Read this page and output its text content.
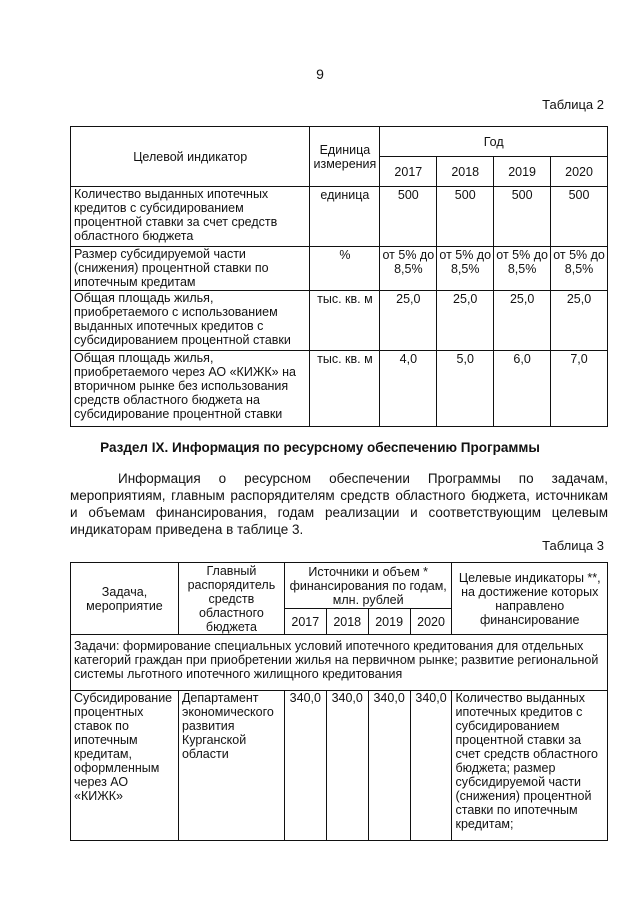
9
Таблица 2
Целевой индикатор	Единица измерения	Год			
		2017	2018	2019	2020
Количество выданных ипотечных кредитов с субсидированием процентной ставки за счет средств областного бюджета	единица	500	500	500	500
Размер субсидируемой части (снижения) процентной ставки по ипотечным кредитам	%	от 5% до 8,5%	от 5% до 8,5%	от 5% до 8,5%	от 5% до 8,5%
Общая площадь жилья, приобретаемого с использованием выданных ипотечных кредитов с субсидированием процентной ставки	тыс. кв. м	25,0	25,0	25,0	25,0
Общая площадь жилья, приобретаемого через АО «КИЖК» на вторичном рынке без использования средств областного бюджета на субсидирование процентной ставки	тыс. кв. м	4,0	5,0	6,0	7,0
Раздел IX. Информация по ресурсному обеспечению Программы

Информация о ресурсном обеспечении Программы по задачам, мероприятиям, главным распорядителям средств областного бюджета, источникам и объемам финансирования, годам реализации и соответствующим целевым индикаторам приведена в таблице 3.

Таблица 3
Задача, мероприятие	Главный распорядитель средств областного бюджета	Источники и объем * финансирования по годам, млн. рублей				Целевые индикаторы **, на достижение которых направлено финансирование
		2017	2018	2019	2020	
Задачи: формирование специальных условий ипотечного кредитования для отдельных категорий граждан при приобретении жилья на первичном рынке; развитие региональной системы льготного ипотечного жилищного кредитования						
Субсидирование процентных ставок по ипотечным кредитам, оформленным через АО «КИЖК»	Департамент экономического развития Курганской области	340,0	340,0	340,0	340,0	Количество выданных ипотечных кредитов с субсидированием процентной ставки за счет средств областного бюджета; размер субсидируемой части (снижения) процентной ставки по ипотечным кредитам;
